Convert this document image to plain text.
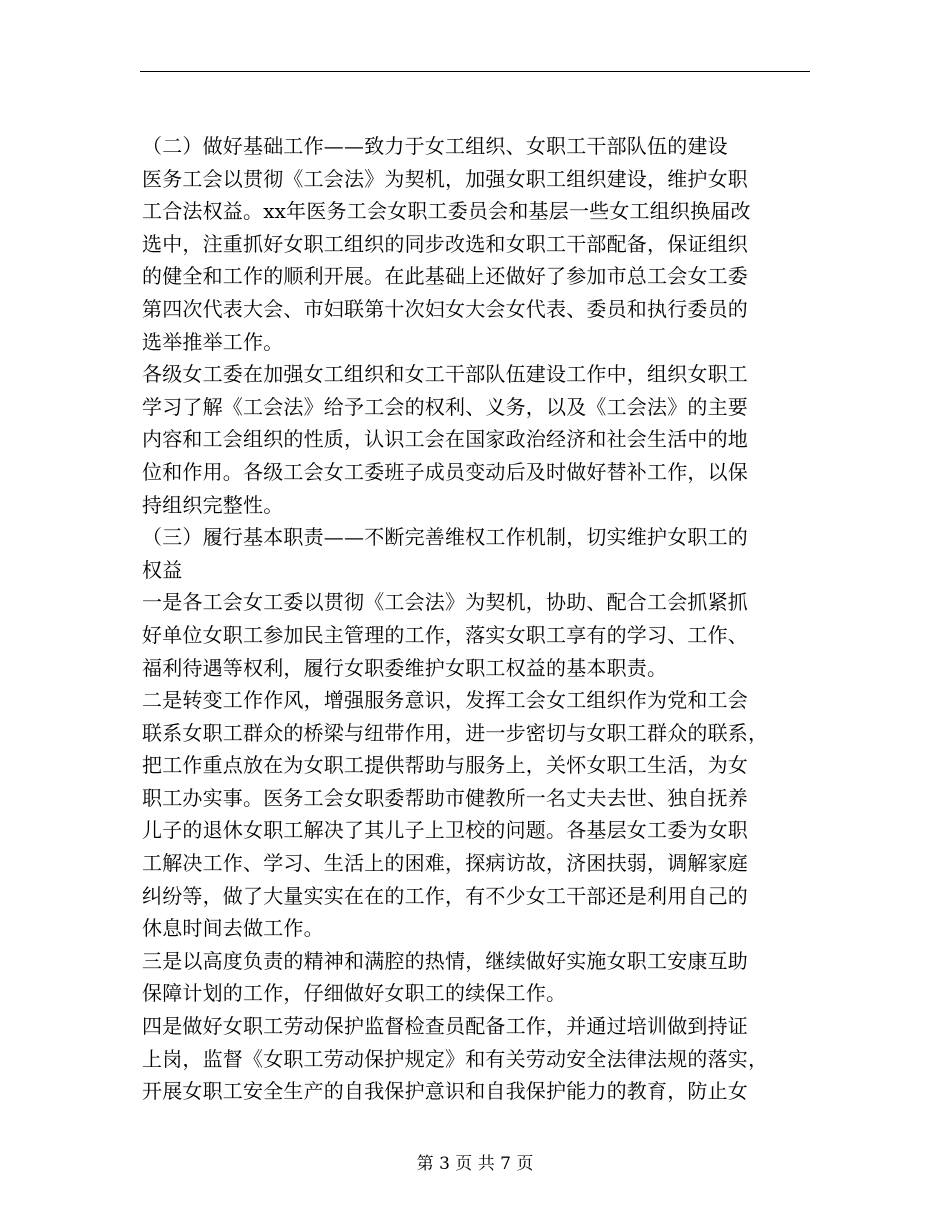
（二）做好基础工作——致力于女工组织、女职工干部队伍的建设
医务工会以贯彻《工会法》为契机，加强女职工组织建设，维护女职
工合法权益。xx年医务工会女职工委员会和基层一些女工组织换届改
选中，注重抓好女职工组织的同步改选和女职工干部配备，保证组织
的健全和工作的顺利开展。在此基础上还做好了参加市总工会女工委
第四次代表大会、市妇联第十次妇女大会女代表、委员和执行委员的
选举推举工作。
各级女工委在加强女工组织和女工干部队伍建设工作中，组织女职工
学习了解《工会法》给予工会的权利、义务，以及《工会法》的主要
内容和工会组织的性质，认识工会在国家政治经济和社会生活中的地
位和作用。各级工会女工委班子成员变动后及时做好替补工作，以保
持组织完整性。
（三）履行基本职责——不断完善维权工作机制，切实维护女职工的
权益
一是各工会女工委以贯彻《工会法》为契机，协助、配合工会抓紧抓
好单位女职工参加民主管理的工作，落实女职工享有的学习、工作、
福利待遇等权利，履行女职委维护女职工权益的基本职责。
二是转变工作作风，增强服务意识，发挥工会女工组织作为党和工会
联系女职工群众的桥梁与纽带作用，进一步密切与女职工群众的联系，
把工作重点放在为女职工提供帮助与服务上，关怀女职工生活，为女
职工办实事。医务工会女职委帮助市健教所一名丈夫去世、独自抚养
儿子的退休女职工解决了其儿子上卫校的问题。各基层女工委为女职
工解决工作、学习、生活上的困难，探病访故，济困扶弱，调解家庭
纠纷等，做了大量实实在在的工作，有不少女工干部还是利用自己的
休息时间去做工作。
三是以高度负责的精神和满腔的热情，继续做好实施女职工安康互助
保障计划的工作，仔细做好女职工的续保工作。
四是做好女职工劳动保护监督检查员配备工作，并通过培训做到持证
上岗，监督《女职工劳动保护规定》和有关劳动安全法律法规的落实，
开展女职工安全生产的自我保护意识和自我保护能力的教育，防止女
第 3 页 共 7 页
